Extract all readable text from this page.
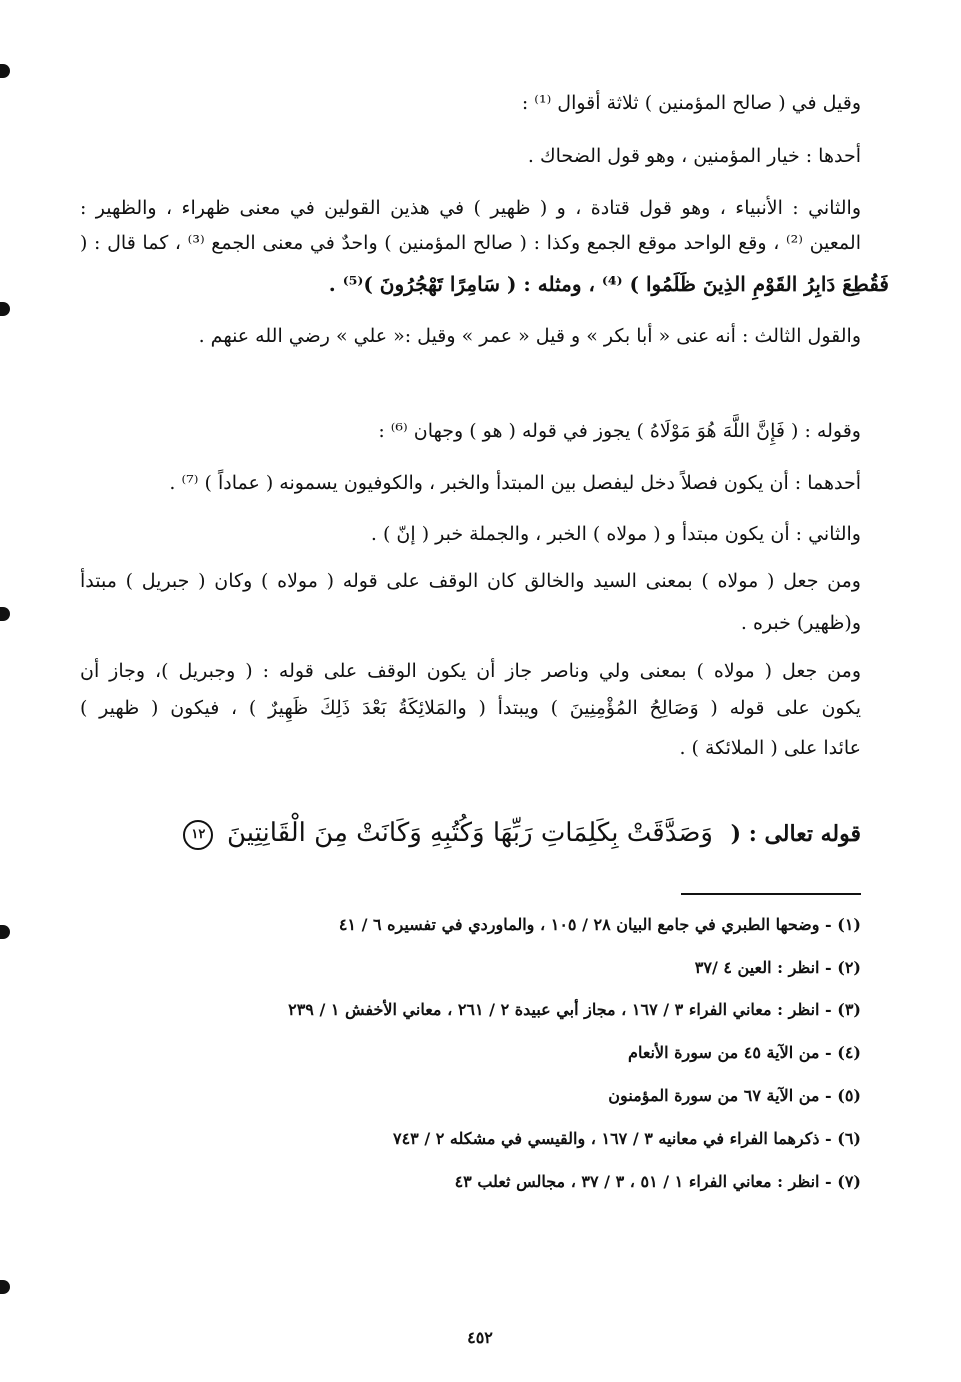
وقيل في ( صالح المؤمنين ) ثلاثة أقوال ⁽¹⁾ :
أحدها : خيار المؤمنين ، وهو قول الضحاك .
والثاني : الأنبياء ، وهو قول قتادة ، و ( ظهير ) في هذين القولين في معنى ظهراء ، والظهير :
المعين ⁽²⁾ ، وقع الواحد موقع الجمع وكذا : ( صالح المؤمنين ) واحدٌ في معنى الجمع ⁽³⁾ ، كما قال : (
فَقُطِعَ دَابِرُ القَوْمِ الذِينَ ظَلَمُوا ) ⁽⁴⁾ ، ومثله : ( سَامِرًا تَهْجُرُونَ )⁽⁵⁾ .
والقول الثالث : أنه عنى « أبا بكر » و قيل « عمر » وقيل :« علي » رضي الله عنهم .
وقوله : ( فَإِنَّ اللَّهَ هُوَ مَوْلَاهُ ) يجوز في قوله ( هو ) وجهان ⁽⁶⁾ :
أحدهما : أن يكون فصلاً دخل ليفصل بين المبتدأ والخبر ، والكوفيون يسمونه ( عماداً ) ⁽⁷⁾ .
والثاني : أن يكون مبتدأ و ( مولاه ) الخبر ، والجملة خبر ( إنّ ) .
ومن جعل ( مولاه ) بمعنى السيد والخالق كان الوقف على قوله ( مولاه ) وكان ( جبريل ) مبتدأ
و(ظهير) خبره .
ومن جعل ( مولاه ) بمعنى ولي وناصر جاز أن يكون الوقف على قوله : ( وجبريل )، وجاز أن
يكون على قوله ( وَصَالِحُ المُؤْمِنِينَ ) ويبتدأ ( والمَلائِكَةُ بَعْدَ ذَلِكَ ظَهِيرٌ ) ، فيكون ( ظهير )
عائدا على ( الملائكة ) .
قوله تعالى : ( وَصَدَّقَتْ بِكَلِمَاتِ رَبِّهَا وَكُتُبِهِ وَكَانَتْ مِنَ الْقَانِتِينَ ١٢
(١) - وضحها الطبري في جامع البيان ٢٨ / ١٠٥ ، والماوردي في تفسيره ٦ / ٤١
(٢) - انظر : العين ٤ /٣٧
(٣) - انظر : معاني الفراء ٣ / ١٦٧ ، مجاز أبي عبيدة ٢ / ٢٦١ ، معاني الأخفش ١ / ٢٣٩
(٤) - من الآية ٤٥ من سورة الأنعام
(٥) - من الآية ٦٧ من سورة المؤمنون
(٦) - ذكرهما الفراء في معانيه ٣ / ١٦٧ ، والقيسي في مشكله ٢ / ٧٤٣
(٧) - انظر : معاني الفراء ١ / ٥١ ، ٣ / ٣٧ ، مجالس ثعلب ٤٣
٤٥٢
